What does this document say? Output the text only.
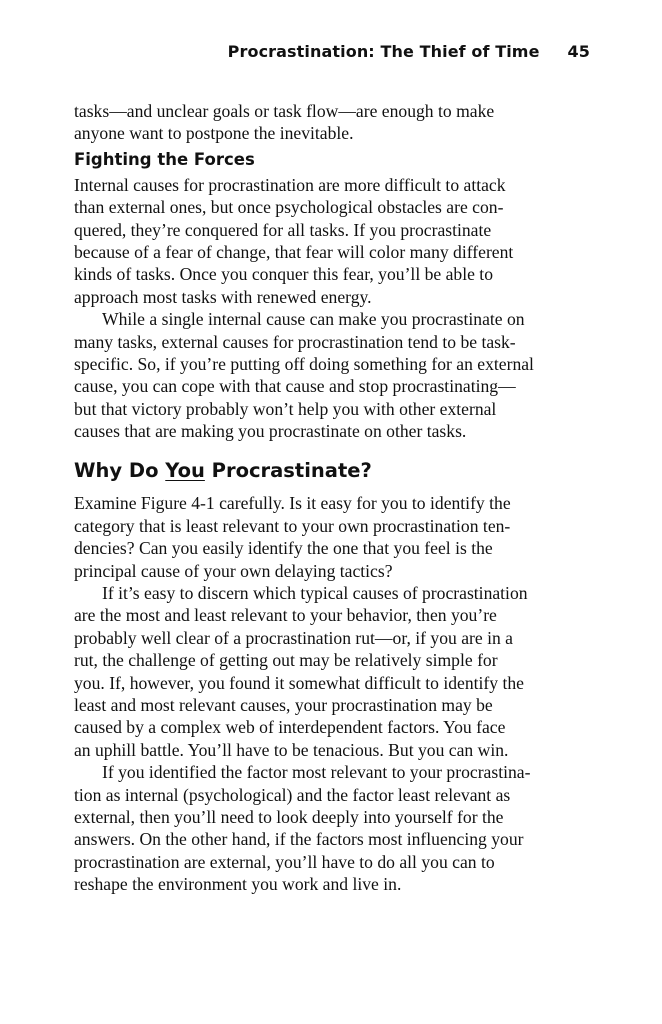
Procrastination: The Thief of Time 45

tasks—and unclear goals or task flow—are enough to make
anyone want to postpone the inevitable.

Fighting the Forces

Internal causes for procrastination are more difficult to attack
than external ones, but once psychological obstacles are con-
quered, they’re conquered for all tasks. If you procrastinate
because of a fear of change, that fear will color many different
kinds of tasks. Once you conquer this fear, you’ll be able to
approach most tasks with renewed energy.

While a single internal cause can make you procrastinate on
many tasks, external causes for procrastination tend to be task-
specific. So, if you’re putting off doing something for an external
cause, you can cope with that cause and stop procrastinating—
but that victory probably won’t help you with other external
causes that are making you procrastinate on other tasks.

Why Do You Procrastinate?

Examine Figure 4-1 carefully. Is it easy for you to identify the
category that is least relevant to your own procrastination ten-
dencies? Can you easily identify the one that you feel is the
principal cause of your own delaying tactics?

If it’s easy to discern which typical causes of procrastination
are the most and least relevant to your behavior, then you’re
probably well clear of a procrastination rut—or, if you are in a
rut, the challenge of getting out may be relatively simple for
you. If, however, you found it somewhat difficult to identify the
least and most relevant causes, your procrastination may be
caused by a complex web of interdependent factors. You face
an uphill battle. You’ll have to be tenacious. But you can win.

If you identified the factor most relevant to your procrastina-
tion as internal (psychological) and the factor least relevant as
external, then you’ll need to look deeply into yourself for the
answers. On the other hand, if the factors most influencing your
procrastination are external, you’ll have to do all you can to
reshape the environment you work and live in.
